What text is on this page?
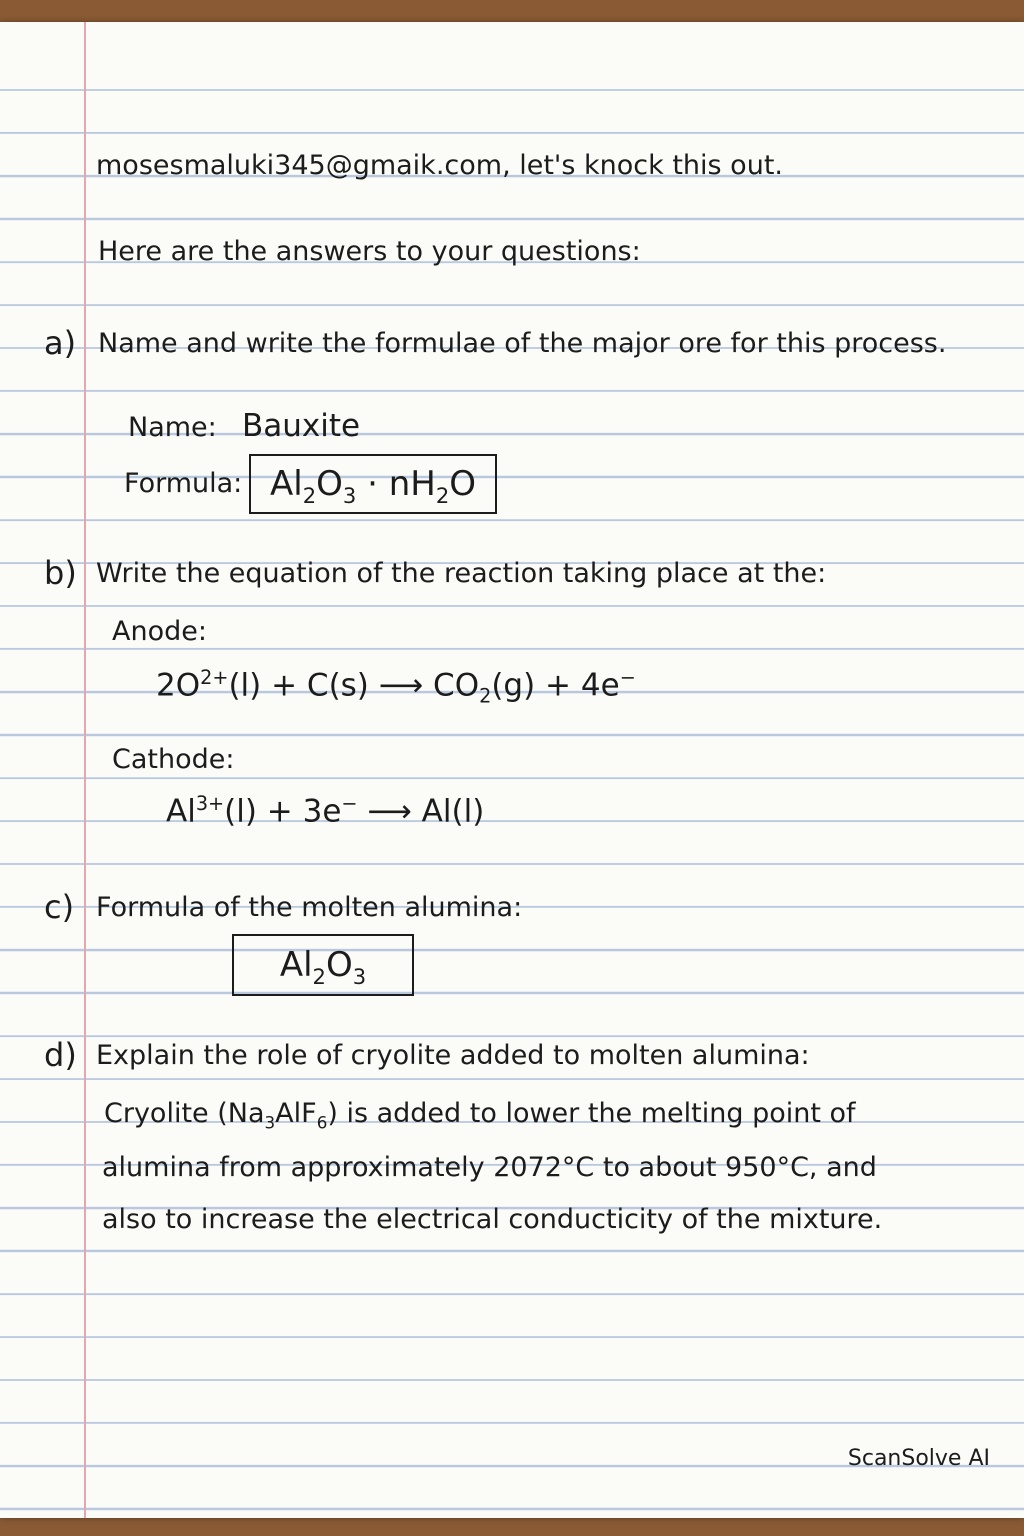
mosesmaluki345@gmaik.com, let's knock this out.
Here are the answers to your questions:
a) Name and write the formulae of the major ore for this process.
Name: Bauxite
Formula: $Al_2O_3 \cdot nH_2O$
b) Write the equation of the reaction taking place at the:
Anode:
$2O^{2+}(l) + C(s)$ ⟶ $CO_2(g) + 4e^-$
Cathode:
$Al^{3+}(l) + 3e^-$ ⟶ Al(l)
c) Formula of the molten alumina:
$Al_2O_3$
d) Explain the role of cryolite added to molten alumina:
Cryolite $(Na_3AlF_6)$ is added to lower the melting point of
alumina from approximately 2072°C to about 950°C, and
also to increase the electrical conducticity of the mixture.
ScanSolve AI
